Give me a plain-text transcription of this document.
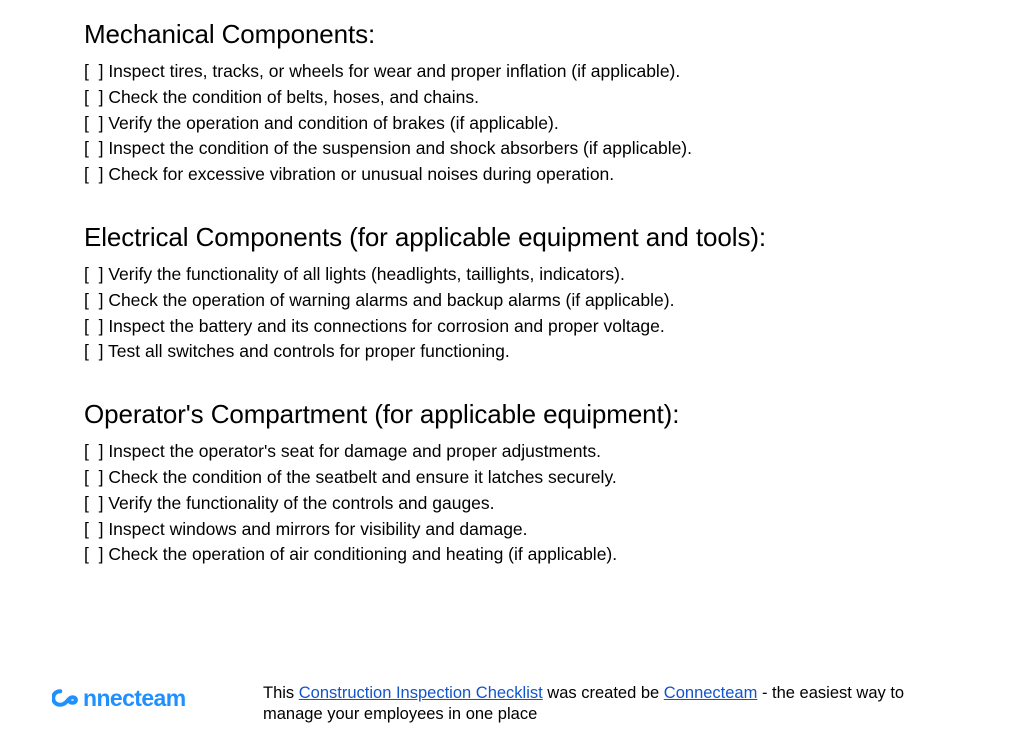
Mechanical Components:
[  ] Inspect tires, tracks, or wheels for wear and proper inflation (if applicable).
[  ] Check the condition of belts, hoses, and chains.
[  ] Verify the operation and condition of brakes (if applicable).
[  ] Inspect the condition of the suspension and shock absorbers (if applicable).
[  ] Check for excessive vibration or unusual noises during operation.
Electrical Components (for applicable equipment and tools):
[  ] Verify the functionality of all lights (headlights, taillights, indicators).
[  ] Check the operation of warning alarms and backup alarms (if applicable).
[  ] Inspect the battery and its connections for corrosion and proper voltage.
[  ] Test all switches and controls for proper functioning.
Operator's Compartment (for applicable equipment):
[  ] Inspect the operator's seat for damage and proper adjustments.
[  ] Check the condition of the seatbelt and ensure it latches securely.
[  ] Verify the functionality of the controls and gauges.
[  ] Inspect windows and mirrors for visibility and damage.
[  ] Check the operation of air conditioning and heating (if applicable).
nnecteam	This Construction Inspection Checklist was created be Connecteam - the easiest way to manage your employees in one place
